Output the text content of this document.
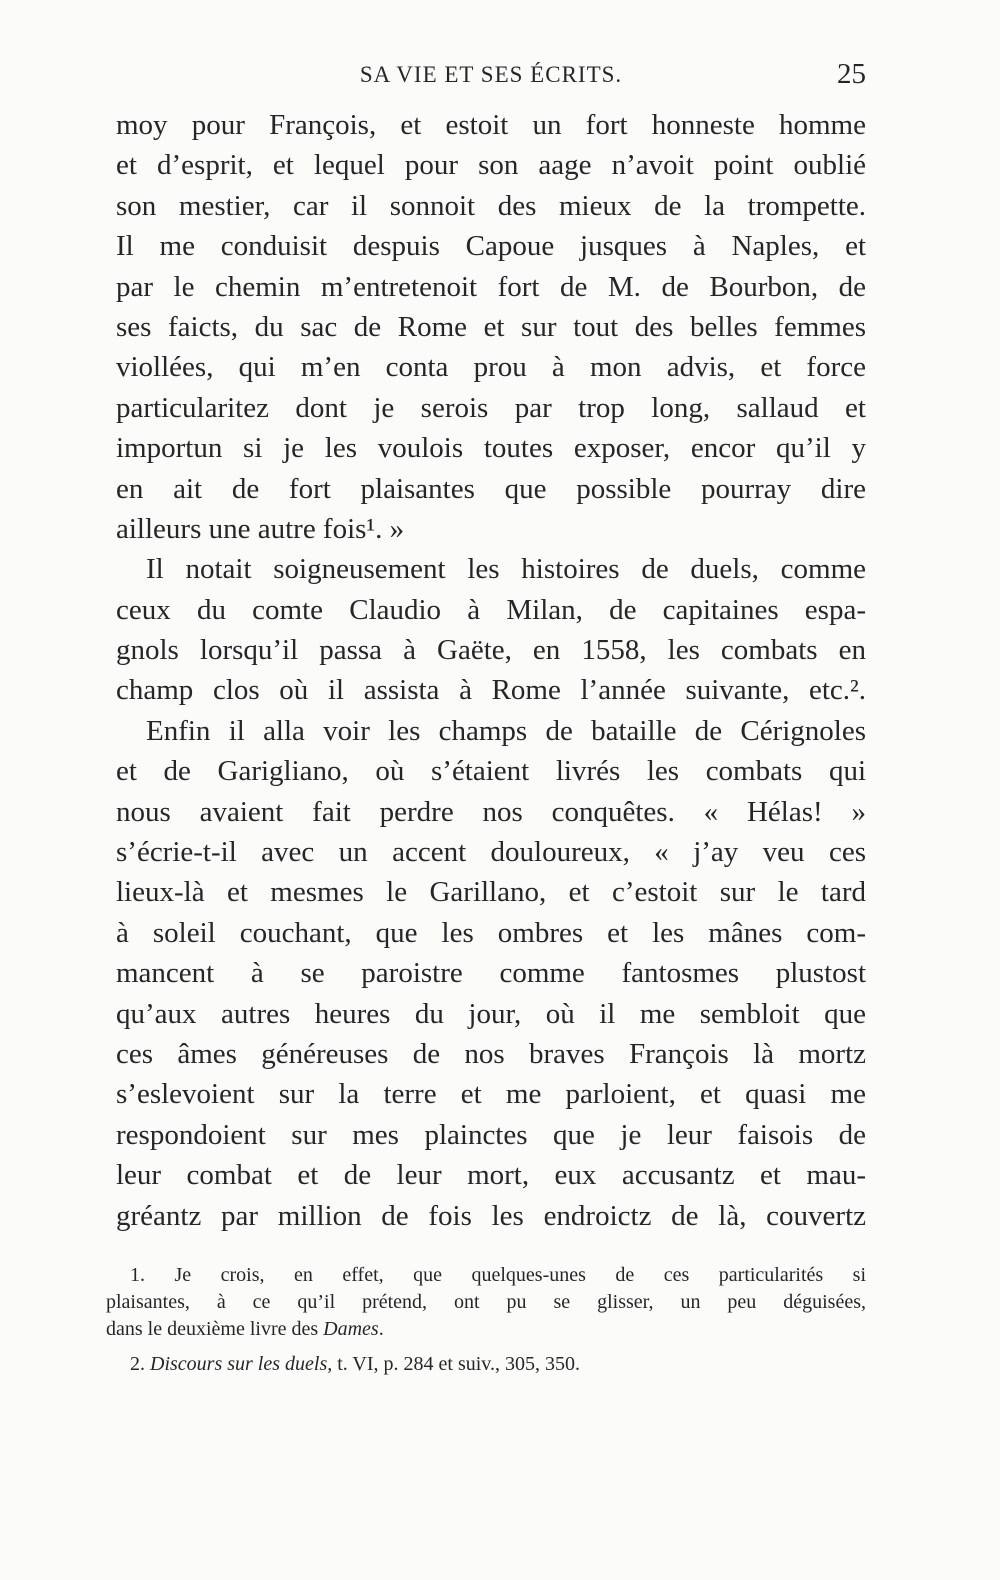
SA VIE ET SES ÉCRITS.	25
moy pour François, et estoit un fort honneste homme
et d’esprit, et lequel pour son aage n’avoit point oublié
son mestier, car il sonnoit des mieux de la trompette.
Il me conduisit despuis Capoue jusques à Naples, et
par le chemin m’entretenoit fort de M. de Bourbon, de
ses faicts, du sac de Rome et sur tout des belles femmes
viollées, qui m’en conta prou à mon advis, et force
particularitez dont je serois par trop long, sallaud et
importun si je les voulois toutes exposer, encor qu’il y
en ait de fort plaisantes que possible pourray dire
ailleurs une autre fois¹. »
Il notait soigneusement les histoires de duels, comme
ceux du comte Claudio à Milan, de capitaines espa-
gnols lorsqu’il passa à Gaëte, en 1558, les combats en
champ clos où il assista à Rome l’année suivante, etc.².
Enfin il alla voir les champs de bataille de Cérignoles
et de Garigliano, où s’étaient livrés les combats qui
nous avaient fait perdre nos conquêtes. « Hélas! »
s’écrie-t-il avec un accent douloureux, « j’ay veu ces
lieux-là et mesmes le Garillano, et c’estoit sur le tard
à soleil couchant, que les ombres et les mânes com-
mancent à se paroistre comme fantosmes plustost
qu’aux autres heures du jour, où il me sembloit que
ces âmes généreuses de nos braves François là mortz
s’eslevoient sur la terre et me parloient, et quasi me
respondoient sur mes plainctes que je leur faisois de
leur combat et de leur mort, eux accusantz et mau-
gréantz par million de fois les endroictz de là, couvertz
1. Je crois, en effet, que quelques-unes de ces particularités si
plaisantes, à ce qu’il prétend, ont pu se glisser, un peu déguisées,
dans le deuxième livre des Dames.
2. Discours sur les duels, t. VI, p. 284 et suiv., 305, 350.
